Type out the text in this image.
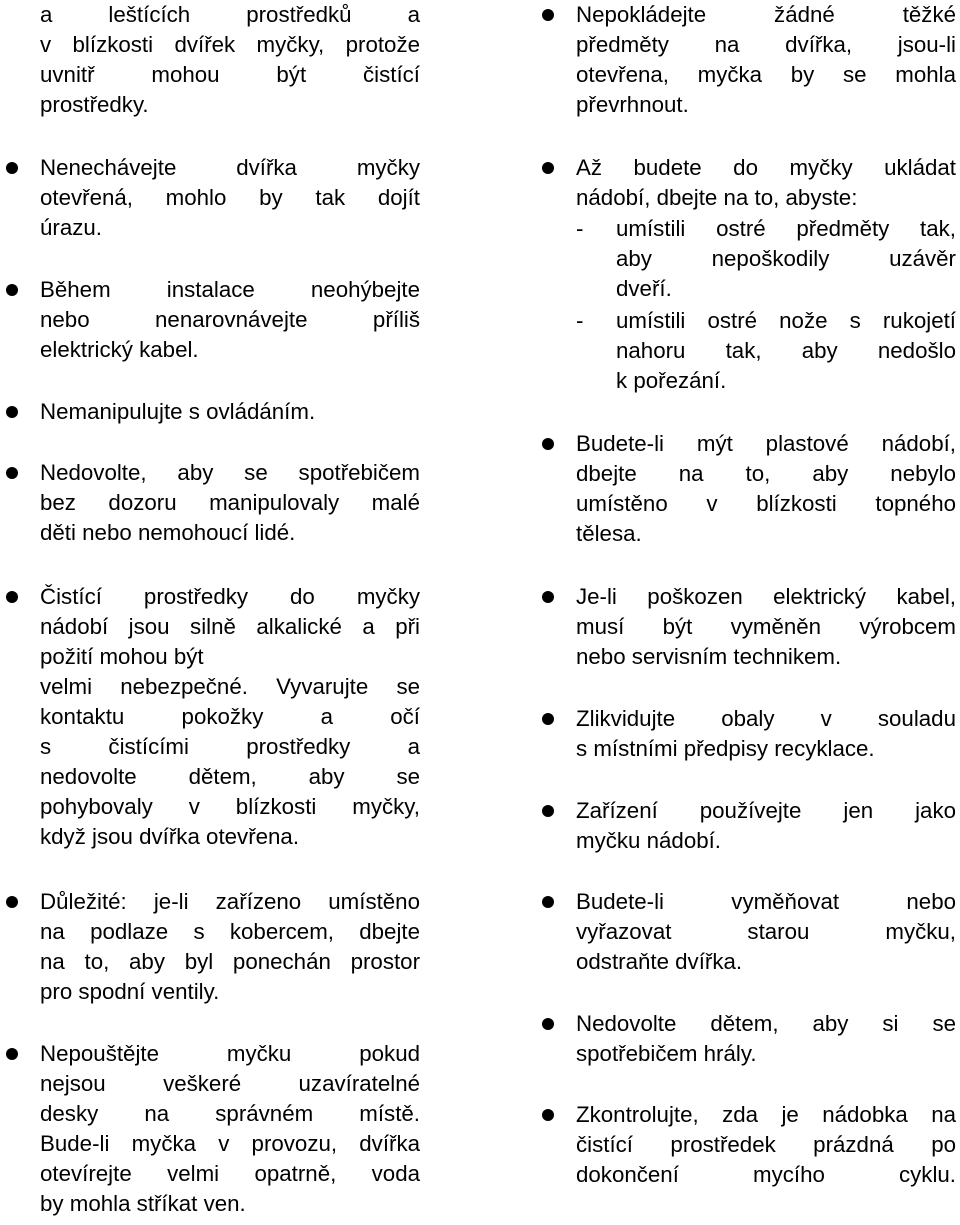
a leštících prostředků a
v blízkosti dvířek myčky, protože
uvnitř mohou být čistící
prostředky.
Nenechávejte dvířka myčky
otevřená, mohlo by tak dojít
úrazu.
Během instalace neohýbejte
nebo nenarovnávejte příliš
elektrický kabel.
Nemanipulujte s ovládáním.
Nedovolte, aby se spotřebičem
bez dozoru manipulovaly malé
děti nebo nemohoucí lidé.
Čistící prostředky do myčky
nádobí jsou silně alkalické a při
požití mohou být
velmi nebezpečné. Vyvarujte se
kontaktu pokožky a očí
s čistícími prostředky a
nedovolte dětem, aby se
pohybovaly v blízkosti myčky,
když jsou dvířka otevřena.
Důležité: je-li zařízeno umístěno
na podlaze s kobercem, dbejte
na to, aby byl ponechán prostor
pro spodní ventily.
Nepouštějte myčku pokud
nejsou veškeré uzavíratelné
desky na správném místě.
Bude-li myčka v provozu, dvířka
otevírejte velmi opatrně, voda
by mohla stříkat ven.
Nepokládejte žádné těžké
předměty na dvířka, jsou-li
otevřena, myčka by se mohla
převrhnout.
Až budete do myčky ukládat
nádobí, dbejte na to, abyste:
- umístili ostré předměty tak,
aby nepoškodily uzávěr
dveří.
- umístili ostré nože s rukojetí
nahoru tak, aby nedošlo
k pořezání.
Budete-li mýt plastové nádobí,
dbejte na to, aby nebylo
umístěno v blízkosti topného
tělesa.
Je-li poškozen elektrický kabel,
musí být vyměněn výrobcem
nebo servisním technikem.
Zlikvidujte obaly v souladu
s místními předpisy recyklace.
Zařízení používejte jen jako
myčku nádobí.
Budete-li vyměňovat nebo
vyřazovat starou myčku,
odstraňte dvířka.
Nedovolte dětem, aby si se
spotřebičem hrály.
Zkontrolujte, zda je nádobka na
čistící prostředek prázdná po
dokončení mycího cyklu.
